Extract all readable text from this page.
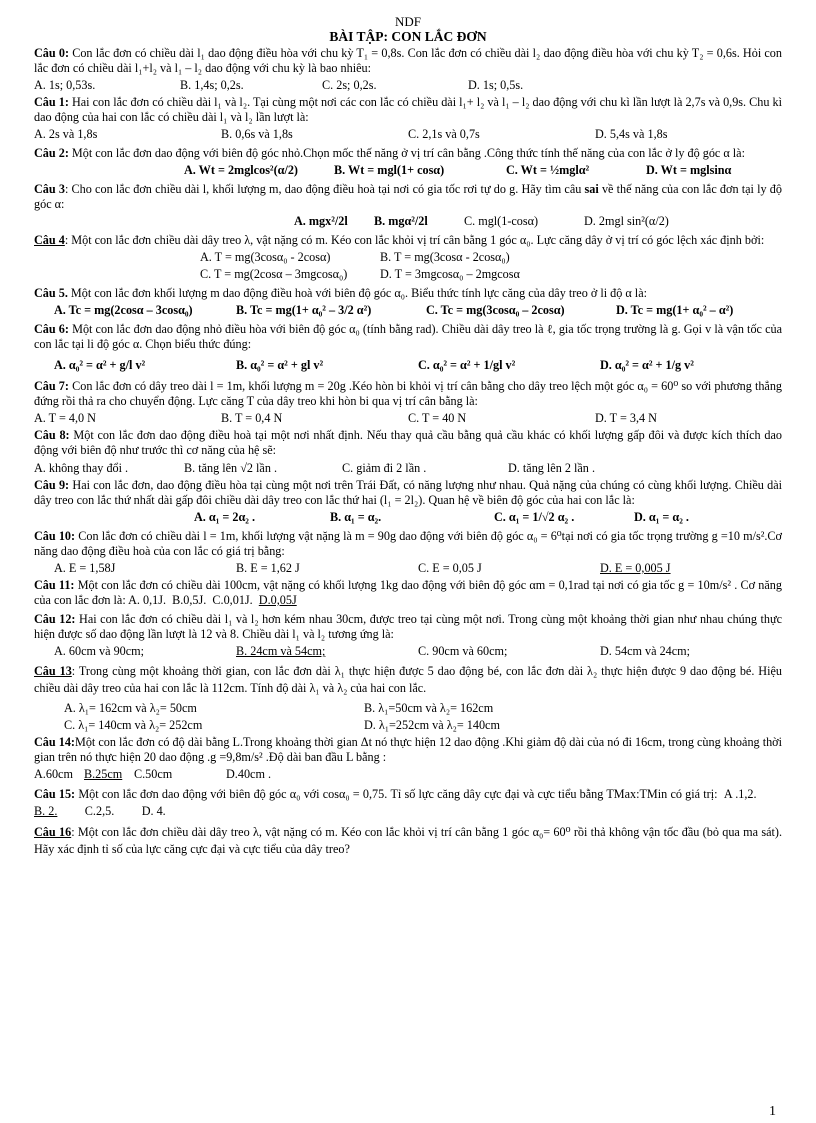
NDF
BÀI TẬP: CON LẮC ĐƠN
Câu 0: Con lắc đơn có chiều dài l₁ dao động điều hòa với chu kỳ T₁ = 0,8s. Con lắc đơn có chiều dài l₂ dao động điều hòa với chu kỳ T₂ = 0,6s. Hỏi con lắc đơn có chiều dài l₁+l₂ và l₁ – l₂ dao động với chu kỳ là bao nhiêu:
A. 1s; 0,53s.	B. 1,4s; 0,2s.	C. 2s; 0,2s.	D. 1s; 0,5s.
Câu 1: Hai con lắc đơn có chiều dài l₁ và l₂. Tại cùng một nơi các con lắc có chiều dài l₁+ l₂ và l₁ – l₂ dao động với chu kì lần lượt là 2,7s và 0,9s. Chu kì dao động của hai con lắc có chiều dài l₁ và l₂ lần lượt là:
A. 2s và 1,8s	B. 0,6s và 1,8s	C. 2,1s và 0,7s	D. 5,4s và 1,8s
Câu 2: Một con lắc đơn dao động với biên độ góc nhỏ.Chọn mốc thế năng ở vị trí cân bằng .Công thức tính thế năng của con lắc ở ly độ góc α là:
A. Wt = 2mglcos²(α/2)	B. Wt = mgl(1+ cosα)	C. Wt = ½mglα²	D. Wt = mglsinα
Câu 3: Cho con lắc đơn chiều dài l, khối lượng m, dao động điều hoà tại nơi có gia tốc rơi tự do g. Hãy tìm câu sai về thế năng của con lắc đơn tại ly độ góc α:
A. mgx²/2l	B. mgα²/2l	C. mgl(1-cosα)	D. 2mgl sin²(α/2)
Câu 4: Một con lắc đơn chiều dài dây treo λ, vật nặng có m. Kéo con lắc khỏi vị trí cân bằng 1 góc α₀. Lực căng dây ở vị trí có góc lệch xác định bởi:
A. T = mg(3cosα₀ - 2cosα)	B. T = mg(3cosα - 2cosα₀)
C. T = mg(2cosα – 3mgcosα₀)	D. T = 3mgcosα₀ – 2mgcosα
Câu 5. Một con lắc đơn khối lượng m dao động điều hoà với biên độ góc α₀. Biểu thức tính lực căng của dây treo ở li độ α là:
A. Tc = mg(2cosα – 3cosα₀)	B. Tc = mg(1+ α₀² – 3/2 α²)	C. Tc = mg(3cosα₀ – 2cosα)	D. Tc = mg(1+ α₀² – α²)
Câu 6: Một con lắc đơn dao động nhỏ điều hòa với biên độ góc α₀ (tính bằng rad). Chiều dài dây treo là ℓ, gia tốc trọng trường là g. Gọi v là vận tốc của con lắc tại li độ góc α. Chọn biểu thức đúng:
A. α₀² = α² + g/l v²	B. α₀² = α² + gl v²	C. α₀² = α² + 1/gl v²	D. α₀² = α² + 1/g v²
Câu 7: Con lắc đơn có dây treo dài l = 1m, khối lượng m = 20g .Kéo hòn bi khỏi vị trí cân bằng cho dây treo lệch một góc α₀ = 60⁰ so với phương thẳng đứng rồi thả ra cho chuyển động. Lực căng T của dây treo khi hòn bi qua vị trí cân bằng là:
A. T = 4,0 N	B. T = 0,4 N	C. T = 40 N	D. T = 3,4 N
Câu 8: Một con lắc đơn dao động điều hoà tại một nơi nhất định. Nếu thay quả cầu bằng quả cầu khác có khối lượng gấp đôi và được kích thích dao động với biên độ như trước thì cơ năng của hệ sẽ:
A. không thay đổi .	B. tăng lên √2 lần .	C. giảm đi 2 lần .	D. tăng lên 2 lần .
Câu 9: Hai con lắc đơn, dao động điều hòa tại cùng một nơi trên Trái Đất, có năng lượng như nhau. Quả nặng của chúng có cùng khối lượng. Chiều dài dây treo con lắc thứ nhất dài gấp đôi chiều dài dây treo con lắc thứ hai (l₁ = 2l₂). Quan hệ về biên độ góc của hai con lắc là:
A. α₁ = 2α₂ .	B. α₁ = α₂.	C. α₁ = 1/√2 α₂ .	D. α₁ = α₂ .
Câu 10: Con lắc đơn có chiều dài l = 1m, khối lượng vật nặng là m = 90g dao động với biên độ góc α₀ = 6⁰tại nơi có gia tốc trọng trường g =10 m/s².Cơ năng dao động điều hoà của con lắc có giá trị bằng:
A. E = 1,58J	B. E = 1,62 J	C. E = 0,05 J	D. E = 0,005 J
Câu 11: Một con lắc đơn có chiều dài 100cm, vật nặng có khối lượng 1kg dao động với biên độ góc αm = 0,1rad tại nơi có gia tốc g = 10m/s² . Cơ năng của con lắc đơn là: A. 0,1J. B.0,5J. C.0,01J. D.0,05J
Câu 12: Hai con lắc đơn có chiều dài l₁ và l₂ hơn kém nhau 30cm, được treo tại cùng một nơi. Trong cùng một khoảng thời gian như nhau chúng thực hiện được số dao động lần lượt là 12 và 8. Chiều dài l₁ và l₂ tương ứng là:
A. 60cm và 90cm;	B. 24cm và 54cm;	C. 90cm và 60cm;	D. 54cm và 24cm;
Câu 13: Trong cùng một khoảng thời gian, con lắc đơn dài λ₁ thực hiện được 5 dao động bé, con lắc đơn dài λ₂ thực hiện được 9 dao động bé. Hiệu chiều dài dây treo của hai con lắc là 112cm. Tính độ dài λ₁ và λ₂ của hai con lắc.
A. λ₁= 162cm và λ₂= 50cm	B. λ₁=50cm và λ₂= 162cm
C. λ₁= 140cm và λ₂= 252cm	D. λ₁=252cm và λ₂= 140cm
Câu 14:Một con lắc đơn có độ dài bằng L.Trong khoảng thời gian Δt nó thực hiện 12 dao động .Khi giảm độ dài của nó đi 16cm, trong cùng khoảng thời gian trên nó thực hiện 20 dao động .g =9,8m/s² .Độ dài ban đầu L bằng :
A.60cm B.25cm C.50cm	D.40cm .
Câu 15: Một con lắc đơn dao động với biên độ góc α₀ với cosα₀ = 0,75. Tỉ số lực căng dây cực đại và cực tiểu bằng TMax:TMin có giá trị: A .1,2.         B. 2. C.2,5. D. 4.
Câu 16: Một con lắc đơn chiều dài dây treo λ, vật nặng có m. Kéo con lắc khỏi vị trí cân bằng 1 góc α₀= 60⁰ rồi thả không vận tốc đầu (bỏ qua ma sát). Hãy xác định tỉ số của lực căng cực đại và cực tiểu của dây treo?
1
